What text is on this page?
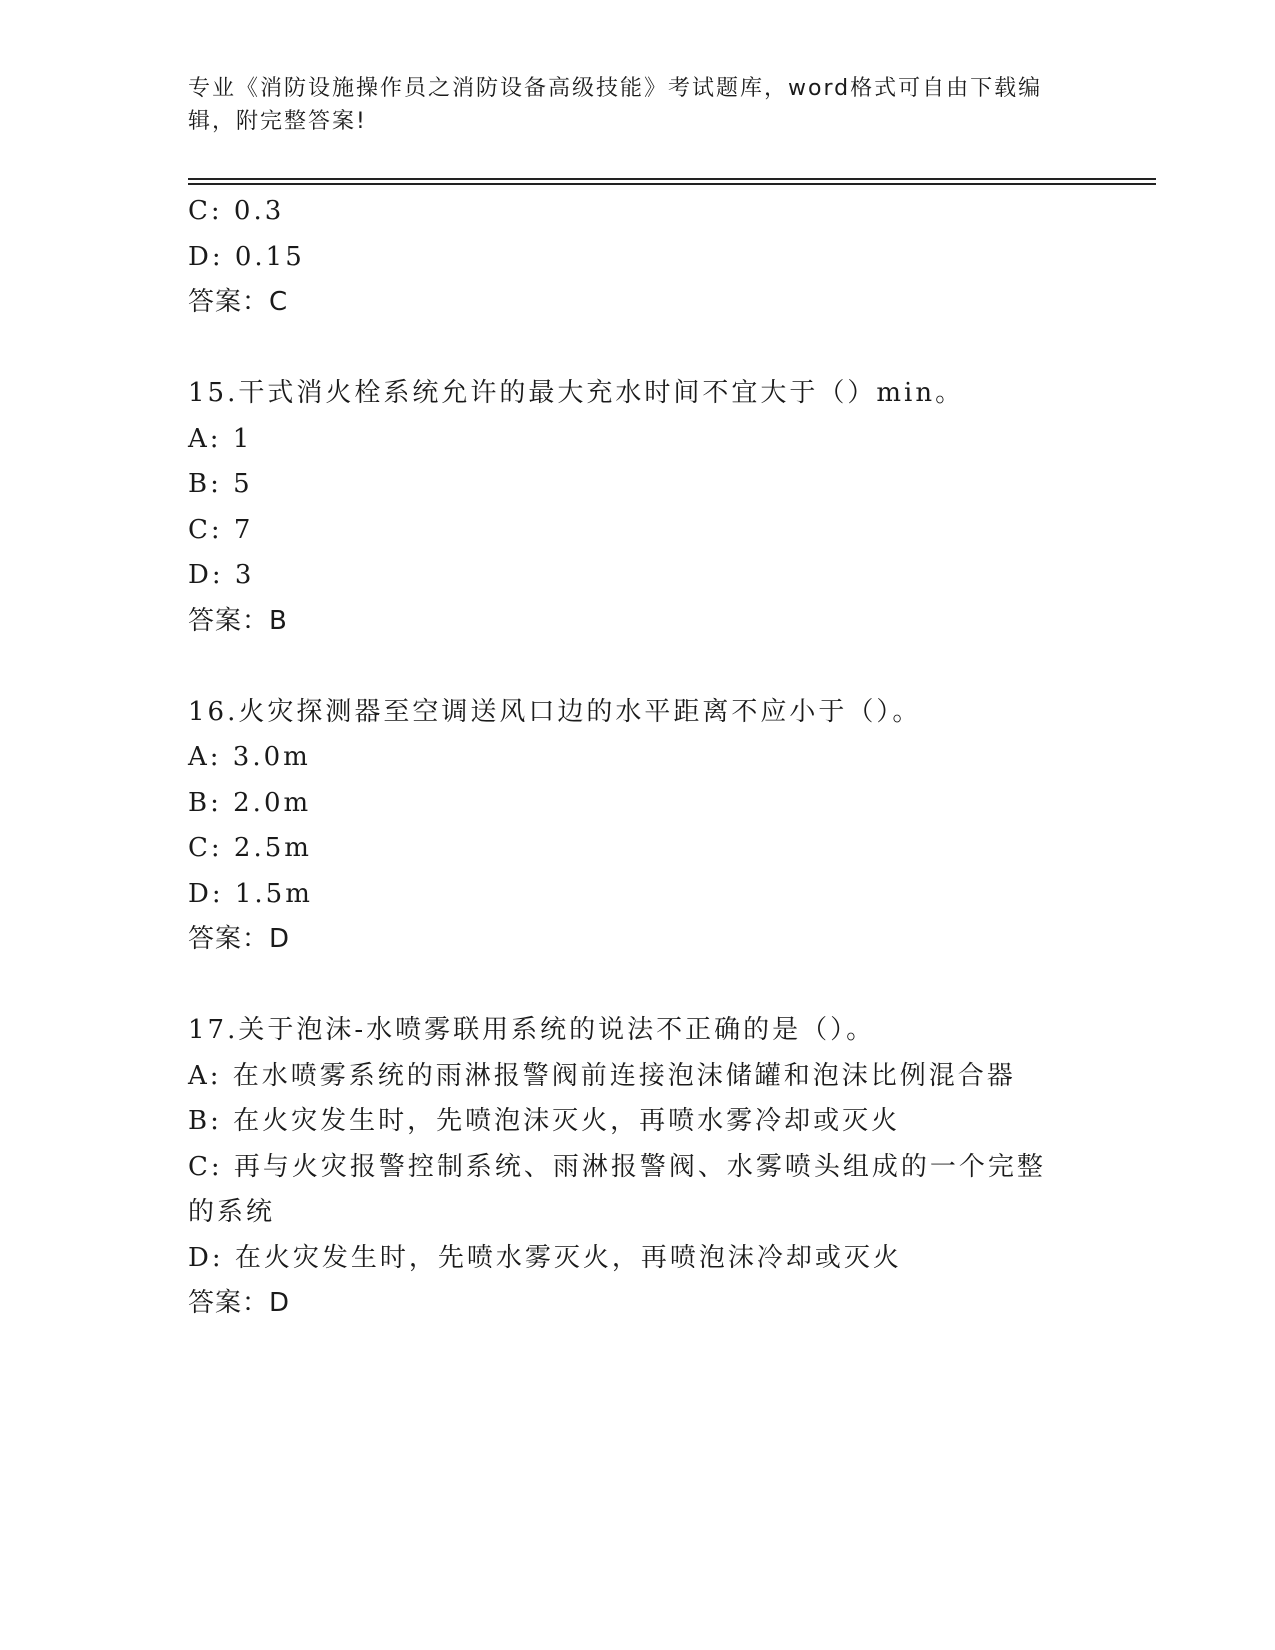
专业《消防设施操作员之消防设备高级技能》考试题库，word格式可自由下载编辑，附完整答案!
C: 0.3
D: 0.15
答案：C
15.干式消火栓系统允许的最大充水时间不宜大于（）min。
A: 1
B: 5
C: 7
D: 3
答案：B
16.火灾探测器至空调送风口边的水平距离不应小于（）。
A: 3.0m
B: 2.0m
C: 2.5m
D: 1.5m
答案：D
17.关于泡沫-水喷雾联用系统的说法不正确的是（）。
A: 在水喷雾系统的雨淋报警阀前连接泡沫储罐和泡沫比例混合器
B: 在火灾发生时，先喷泡沫灭火，再喷水雾冷却或灭火
C: 再与火灾报警控制系统、雨淋报警阀、水雾喷头组成的一个完整的系统
D: 在火灾发生时，先喷水雾灭火，再喷泡沫冷却或灭火
答案：D
